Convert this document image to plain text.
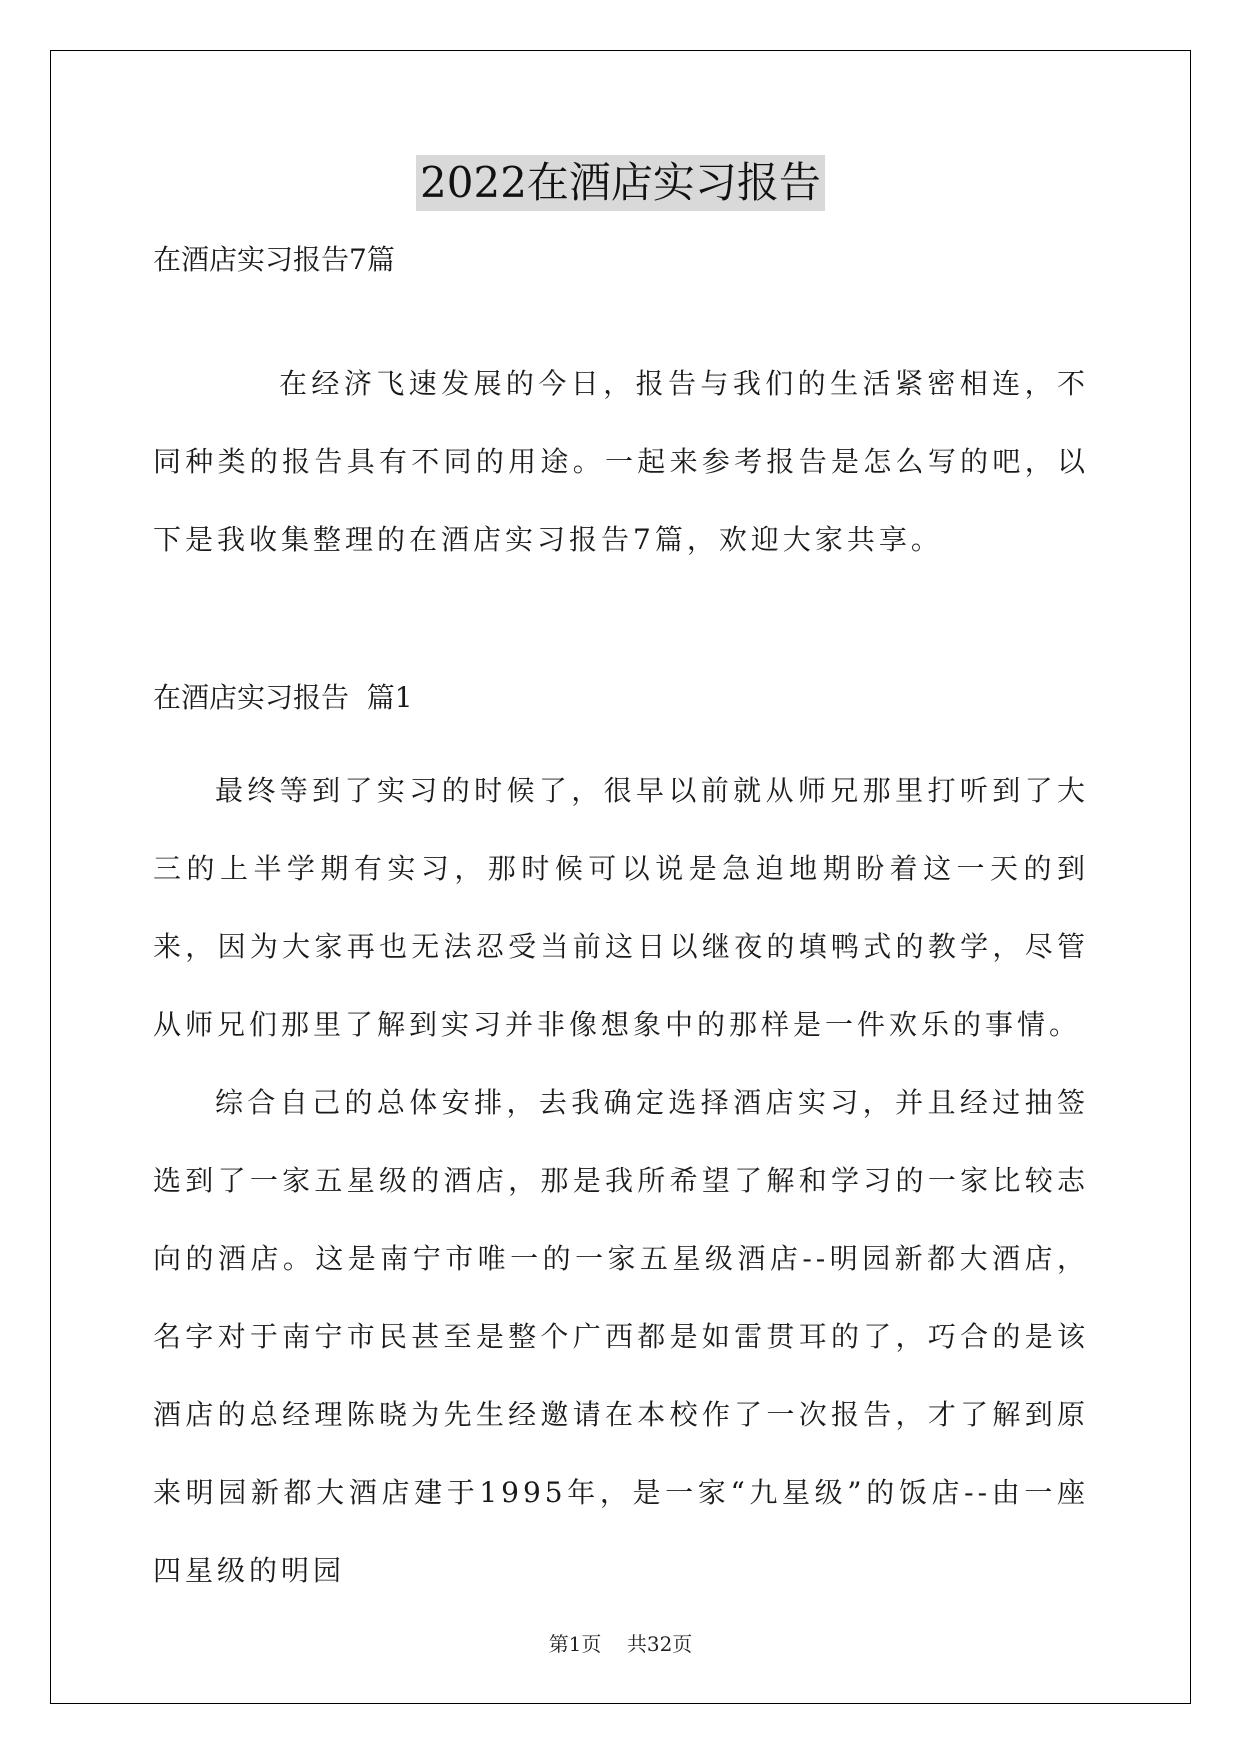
2022在酒店实习报告
在酒店实习报告7篇

在经济飞速发展的今日，报告与我们的生活紧密相连，不同种类的报告具有不同的用途。一起来参考报告是怎么写的吧，以下是我收集整理的在酒店实习报告7篇，欢迎大家共享。

在酒店实习报告  篇1

最终等到了实习的时候了，很早以前就从师兄那里打听到了大三的上半学期有实习，那时候可以说是急迫地期盼着这一天的到来，因为大家再也无法忍受当前这日以继夜的填鸭式的教学，尽管从师兄们那里了解到实习并非像想象中的那样是一件欢乐的事情。

综合自己的总体安排，去我确定选择酒店实习，并且经过抽签选到了一家五星级的酒店，那是我所希望了解和学习的一家比较志向的酒店。这是南宁市唯一的一家五星级酒店--明园新都大酒店，名字对于南宁市民甚至是整个广西都是如雷贯耳的了，巧合的是该酒店的总经理陈晓为先生经邀请在本校作了一次报告，才了解到原来明园新都大酒店建于1995年，是一家“九星级”的饭店--由一座四星级的明园

第1页    共32页
